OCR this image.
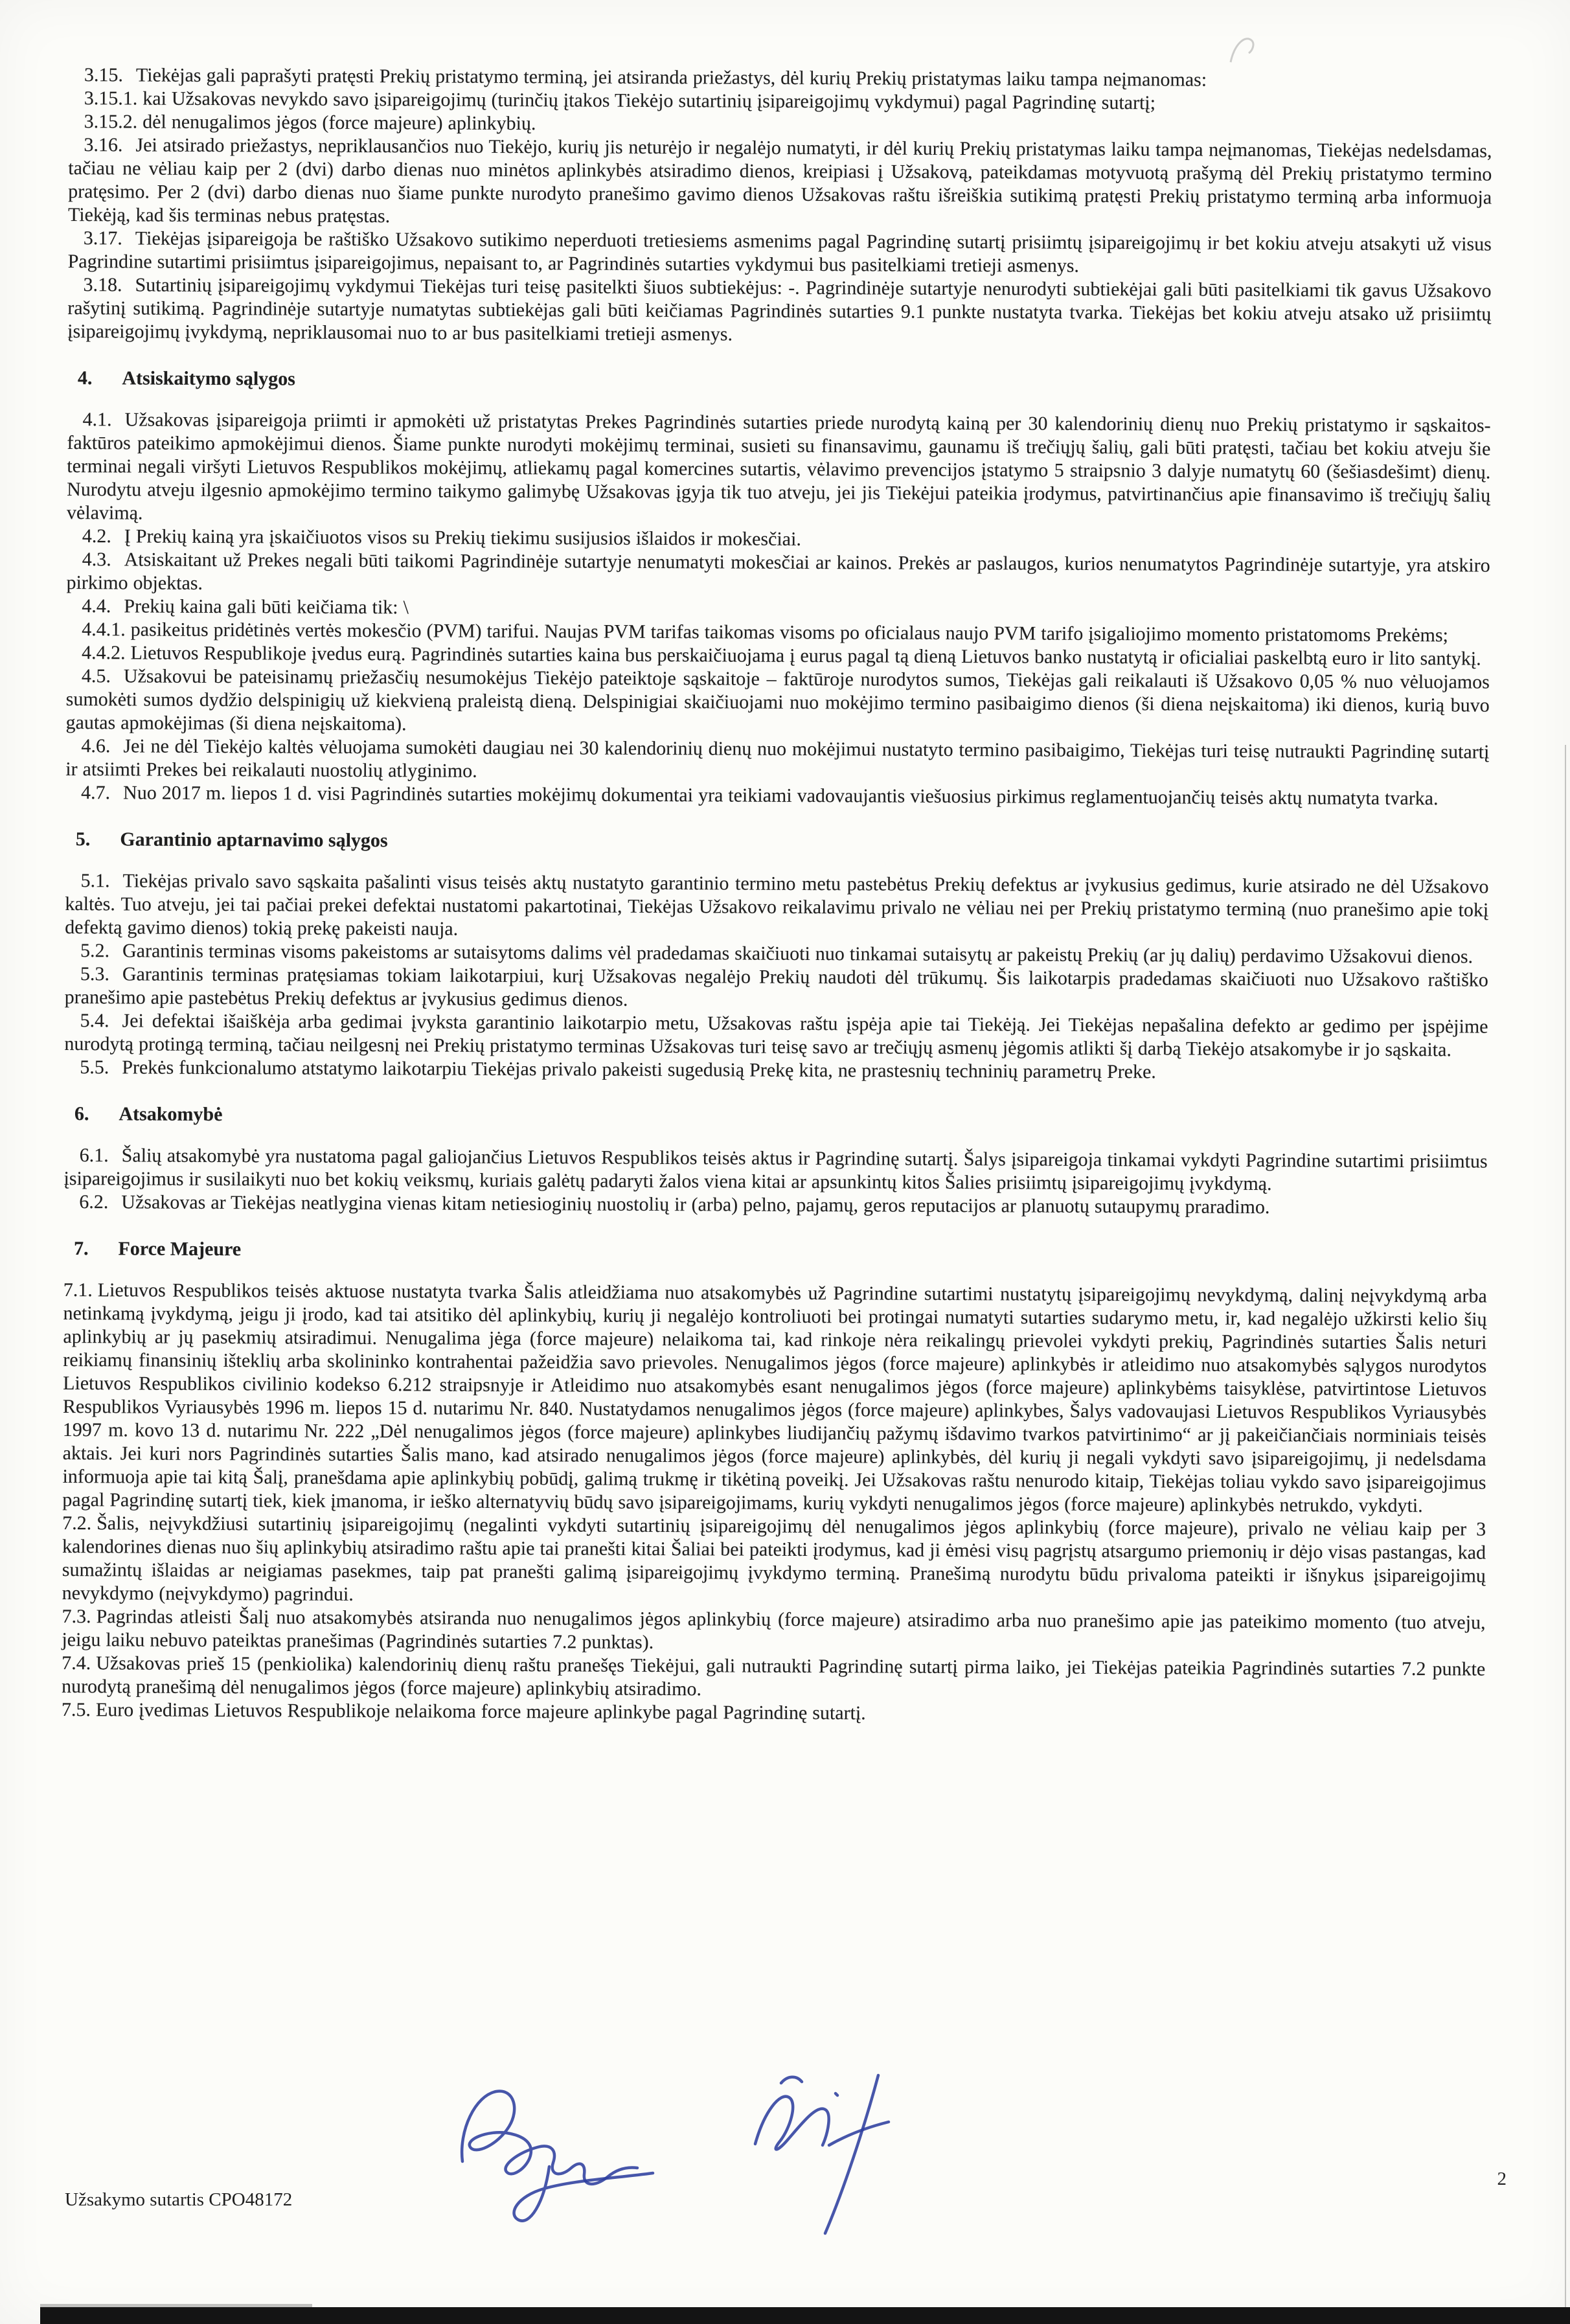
3.15. Tiekėjas gali paprašyti pratęsti Prekių pristatymo terminą, jei atsiranda priežastys, dėl kurių Prekių pristatymas laiku tampa neįmanomas:

3.15.1. kai Užsakovas nevykdo savo įsipareigojimų (turinčių įtakos Tiekėjo sutartinių įsipareigojimų vykdymui) pagal Pagrindinę sutartį;

3.15.2. dėl nenugalimos jėgos (force majeure) aplinkybių.

3.16. Jei atsirado priežastys, nepriklausančios nuo Tiekėjo, kurių jis neturėjo ir negalėjo numatyti, ir dėl kurių Prekių pristatymas laiku tampa neįmanomas, Tiekėjas nedelsdamas, tačiau ne vėliau kaip per 2 (dvi) darbo dienas nuo minėtos aplinkybės atsiradimo dienos, kreipiasi į Užsakovą, pateikdamas motyvuotą prašymą dėl Prekių pristatymo termino pratęsimo. Per 2 (dvi) darbo dienas nuo šiame punkte nurodyto pranešimo gavimo dienos Užsakovas raštu išreiškia sutikimą pratęsti Prekių pristatymo terminą arba informuoja Tiekėją, kad šis terminas nebus pratęstas.

3.17. Tiekėjas įsipareigoja be raštiško Užsakovo sutikimo neperduoti tretiesiems asmenims pagal Pagrindinę sutartį prisiimtų įsipareigojimų ir bet kokiu atveju atsakyti už visus Pagrindine sutartimi prisiimtus įsipareigojimus, nepaisant to, ar Pagrindinės sutarties vykdymui bus pasitelkiami tretieji asmenys.

3.18. Sutartinių įsipareigojimų vykdymui Tiekėjas turi teisę pasitelkti šiuos subtiekėjus: -. Pagrindinėje sutartyje nenurodyti subtiekėjai gali būti pasitelkiami tik gavus Užsakovo rašytinį sutikimą. Pagrindinėje sutartyje numatytas subtiekėjas gali būti keičiamas Pagrindinės sutarties 9.1 punkte nustatyta tvarka. Tiekėjas bet kokiu atveju atsako už prisiimtų įsipareigojimų įvykdymą, nepriklausomai nuo to ar bus pasitelkiami tretieji asmenys.

4. Atsiskaitymo sąlygos

4.1. Užsakovas įsipareigoja priimti ir apmokėti už pristatytas Prekes Pagrindinės sutarties priede nurodytą kainą per 30 kalendorinių dienų nuo Prekių pristatymo ir sąskaitos-faktūros pateikimo apmokėjimui dienos. Šiame punkte nurodyti mokėjimų terminai, susieti su finansavimu, gaunamu iš trečiųjų šalių, gali būti pratęsti, tačiau bet kokiu atveju šie terminai negali viršyti Lietuvos Respublikos mokėjimų, atliekamų pagal komercines sutartis, vėlavimo prevencijos įstatymo 5 straipsnio 3 dalyje numatytų 60 (šešiasdešimt) dienų. Nurodytu atveju ilgesnio apmokėjimo termino taikymo galimybę Užsakovas įgyja tik tuo atveju, jei jis Tiekėjui pateikia įrodymus, patvirtinančius apie finansavimo iš trečiųjų šalių vėlavimą.

4.2. Į Prekių kainą yra įskaičiuotos visos su Prekių tiekimu susijusios išlaidos ir mokesčiai.

4.3. Atsiskaitant už Prekes negali būti taikomi Pagrindinėje sutartyje nenumatyti mokesčiai ar kainos. Prekės ar paslaugos, kurios nenumatytos Pagrindinėje sutartyje, yra atskiro pirkimo objektas.

4.4. Prekių kaina gali būti keičiama tik: \

4.4.1. pasikeitus pridėtinės vertės mokesčio (PVM) tarifui. Naujas PVM tarifas taikomas visoms po oficialaus naujo PVM tarifo įsigaliojimo momento pristatomoms Prekėms;

4.4.2. Lietuvos Respublikoje įvedus eurą. Pagrindinės sutarties kaina bus perskaičiuojama į eurus pagal tą dieną Lietuvos banko nustatytą ir oficialiai paskelbtą euro ir lito santykį.

4.5. Užsakovui be pateisinamų priežasčių nesumokėjus Tiekėjo pateiktoje sąskaitoje – faktūroje nurodytos sumos, Tiekėjas gali reikalauti iš Užsakovo 0,05 % nuo vėluojamos sumokėti sumos dydžio delspinigių už kiekvieną praleistą dieną. Delspinigiai skaičiuojami nuo mokėjimo termino pasibaigimo dienos (ši diena neįskaitoma) iki dienos, kurią buvo gautas apmokėjimas (ši diena neįskaitoma).

4.6. Jei ne dėl Tiekėjo kaltės vėluojama sumokėti daugiau nei 30 kalendorinių dienų nuo mokėjimui nustatyto termino pasibaigimo, Tiekėjas turi teisę nutraukti Pagrindinę sutartį ir atsiimti Prekes bei reikalauti nuostolių atlyginimo.

4.7. Nuo 2017 m. liepos 1 d. visi Pagrindinės sutarties mokėjimų dokumentai yra teikiami vadovaujantis viešuosius pirkimus reglamentuojančių teisės aktų numatyta tvarka.

5. Garantinio aptarnavimo sąlygos

5.1. Tiekėjas privalo savo sąskaita pašalinti visus teisės aktų nustatyto garantinio termino metu pastebėtus Prekių defektus ar įvykusius gedimus, kurie atsirado ne dėl Užsakovo kaltės. Tuo atveju, jei tai pačiai prekei defektai nustatomi pakartotinai, Tiekėjas Užsakovo reikalavimu privalo ne vėliau nei per Prekių pristatymo terminą (nuo pranešimo apie tokį defektą gavimo dienos) tokią prekę pakeisti nauja.

5.2. Garantinis terminas visoms pakeistoms ar sutaisytoms dalims vėl pradedamas skaičiuoti nuo tinkamai sutaisytų ar pakeistų Prekių (ar jų dalių) perdavimo Užsakovui dienos.

5.3. Garantinis terminas pratęsiamas tokiam laikotarpiui, kurį Užsakovas negalėjo Prekių naudoti dėl trūkumų. Šis laikotarpis pradedamas skaičiuoti nuo Užsakovo raštiško pranešimo apie pastebėtus Prekių defektus ar įvykusius gedimus dienos.

5.4. Jei defektai išaiškėja arba gedimai įvyksta garantinio laikotarpio metu, Užsakovas raštu įspėja apie tai Tiekėją. Jei Tiekėjas nepašalina defekto ar gedimo per įspėjime nurodytą protingą terminą, tačiau neilgesnį nei Prekių pristatymo terminas Užsakovas turi teisę savo ar trečiųjų asmenų jėgomis atlikti šį darbą Tiekėjo atsakomybe ir jo sąskaita.

5.5. Prekės funkcionalumo atstatymo laikotarpiu Tiekėjas privalo pakeisti sugedusią Prekę kita, ne prastesnių techninių parametrų Preke.

6. Atsakomybė

6.1. Šalių atsakomybė yra nustatoma pagal galiojančius Lietuvos Respublikos teisės aktus ir Pagrindinę sutartį. Šalys įsipareigoja tinkamai vykdyti Pagrindine sutartimi prisiimtus įsipareigojimus ir susilaikyti nuo bet kokių veiksmų, kuriais galėtų padaryti žalos viena kitai ar apsunkintų kitos Šalies prisiimtų įsipareigojimų įvykdymą.

6.2. Užsakovas ar Tiekėjas neatlygina vienas kitam netiesioginių nuostolių ir (arba) pelno, pajamų, geros reputacijos ar planuotų sutaupymų praradimo.

7. Force Majeure

7.1. Lietuvos Respublikos teisės aktuose nustatyta tvarka Šalis atleidžiama nuo atsakomybės už Pagrindine sutartimi nustatytų įsipareigojimų nevykdymą, dalinį neįvykdymą arba netinkamą įvykdymą, jeigu ji įrodo, kad tai atsitiko dėl aplinkybių, kurių ji negalėjo kontroliuoti bei protingai numatyti sutarties sudarymo metu, ir, kad negalėjo užkirsti kelio šių aplinkybių ar jų pasekmių atsiradimui. Nenugalima jėga (force majeure) nelaikoma tai, kad rinkoje nėra reikalingų prievolei vykdyti prekių, Pagrindinės sutarties Šalis neturi reikiamų finansinių išteklių arba skolininko kontrahentai pažeidžia savo prievoles. Nenugalimos jėgos (force majeure) aplinkybės ir atleidimo nuo atsakomybės sąlygos nurodytos Lietuvos Respublikos civilinio kodekso 6.212 straipsnyje ir Atleidimo nuo atsakomybės esant nenugalimos jėgos (force majeure) aplinkybėms taisyklėse, patvirtintose Lietuvos Respublikos Vyriausybės 1996 m. liepos 15 d. nutarimu Nr. 840. Nustatydamos nenugalimos jėgos (force majeure) aplinkybes, Šalys vadovaujasi Lietuvos Respublikos Vyriausybės 1997 m. kovo 13 d. nutarimu Nr. 222 „Dėl nenugalimos jėgos (force majeure) aplinkybes liudijančių pažymų išdavimo tvarkos patvirtinimo“ ar jį pakeičiančiais norminiais teisės aktais. Jei kuri nors Pagrindinės sutarties Šalis mano, kad atsirado nenugalimos jėgos (force majeure) aplinkybės, dėl kurių ji negali vykdyti savo įsipareigojimų, ji nedelsdama informuoja apie tai kitą Šalį, pranešdama apie aplinkybių pobūdį, galimą trukmę ir tikėtiną poveikį. Jei Užsakovas raštu nenurodo kitaip, Tiekėjas toliau vykdo savo įsipareigojimus pagal Pagrindinę sutartį tiek, kiek įmanoma, ir ieško alternatyvių būdų savo įsipareigojimams, kurių vykdyti nenugalimos jėgos (force majeure) aplinkybės netrukdo, vykdyti.

7.2. Šalis, neįvykdžiusi sutartinių įsipareigojimų (negalinti vykdyti sutartinių įsipareigojimų dėl nenugalimos jėgos aplinkybių (force majeure), privalo ne vėliau kaip per 3 kalendorines dienas nuo šių aplinkybių atsiradimo raštu apie tai pranešti kitai Šaliai bei pateikti įrodymus, kad ji ėmėsi visų pagrįstų atsargumo priemonių ir dėjo visas pastangas, kad sumažintų išlaidas ar neigiamas pasekmes, taip pat pranešti galimą įsipareigojimų įvykdymo terminą. Pranešimą nurodytu būdu privaloma pateikti ir išnykus įsipareigojimų nevykdymo (neįvykdymo) pagrindui.

7.3. Pagrindas atleisti Šalį nuo atsakomybės atsiranda nuo nenugalimos jėgos aplinkybių (force majeure) atsiradimo arba nuo pranešimo apie jas pateikimo momento (tuo atveju, jeigu laiku nebuvo pateiktas pranešimas (Pagrindinės sutarties 7.2 punktas).

7.4. Užsakovas prieš 15 (penkiolika) kalendorinių dienų raštu pranešęs Tiekėjui, gali nutraukti Pagrindinę sutartį pirma laiko, jei Tiekėjas pateikia Pagrindinės sutarties 7.2 punkte nurodytą pranešimą dėl nenugalimos jėgos (force majeure) aplinkybių atsiradimo.

7.5. Euro įvedimas Lietuvos Respublikoje nelaikoma force majeure aplinkybe pagal Pagrindinę sutartį.

Užsakymo sutartis CPO48172
2
